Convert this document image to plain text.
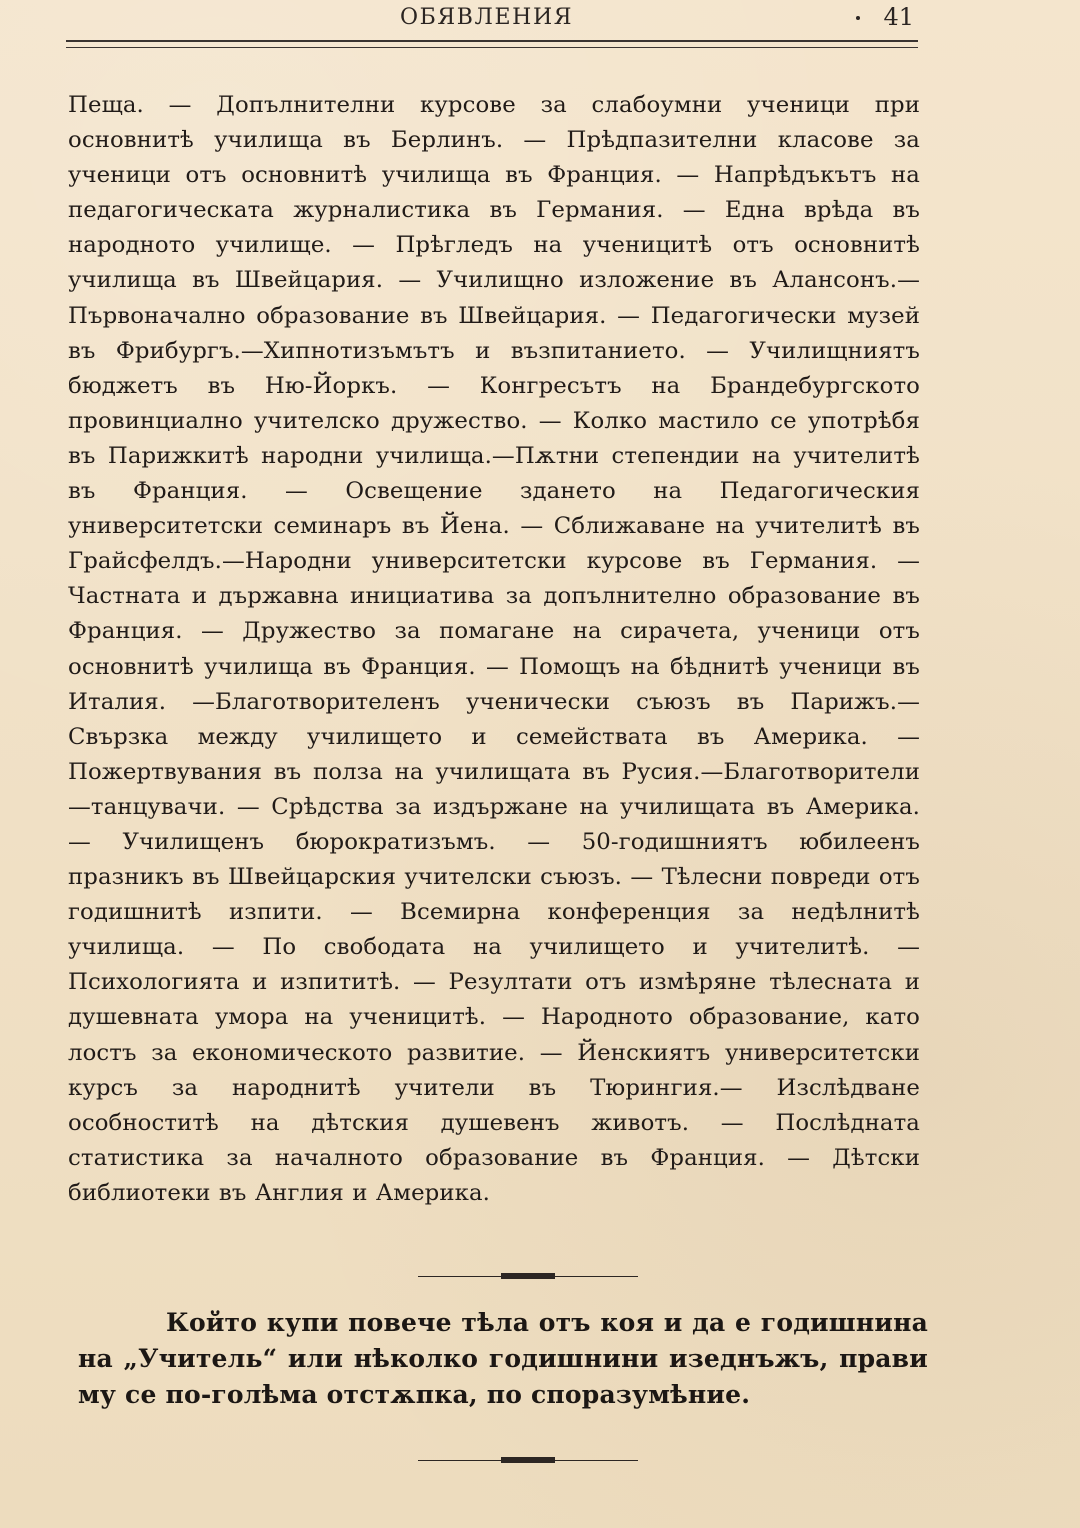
ОБЯВЛЕНИЯ	41
Пеща. — Допълнителни курсове за слабоумни ученици при основнитѣ училища въ Берлинъ. — Прѣдпазителни класове за ученици отъ основнитѣ училища въ Франция. — Напрѣдъкътъ на педагогическата журналистика въ Германия. — Една врѣда въ народното училище. — Прѣгледъ на ученицитѣ отъ основнитѣ училища въ Швейцария. — Училищно изложение въ Алансонъ.—Първоначално образование въ Швейцария. — Педагогически музей въ Фрибургъ.—Хипнотизъмътъ и възпитанието. — Училищниятъ бюджетъ въ Ню-Йоркъ. — Конгресътъ на Брандебургското провинциално учителско дружество. — Колко мастило се употрѣбя въ Парижкитѣ народни училища.—Пѫтни степендии на учителитѣ въ Франция. — Освещение здането на Педагогическия университетски семинаръ въ Йена. — Сближаване на учителитѣ въ Грайсфелдъ.—Народни университетски курсове въ Германия. — Частната и държавна инициатива за допълнително образование въ Франция. — Дружество за помагане на сирачета, ученици отъ основнитѣ училища въ Франция. — Помощъ на бѣднитѣ ученици въ Италия. —Благотворителенъ ученически съюзъ въ Парижъ.—Свързка между училището и семействата въ Америка. — Пожертвувания въ полза на училищата въ Русия.—Благотворители—танцувачи. — Срѣдства за издържане на училищата въ Америка. — Училищенъ бюрократизъмъ. — 50-годишниятъ юбилеенъ празникъ въ Швейцарския учителски съюзъ. — Тѣлесни повреди отъ годишнитѣ изпити. — Всемирна конференция за недѣлнитѣ училища. — По свободата на училището и учителитѣ. — Психологията и изпититѣ. — Резултати отъ измѣряне тѣлесната и душевната умора на ученицитѣ. — Народното образование, като лостъ за економическото развитие. — Йенскиятъ университетски курсъ за народнитѣ учители въ Тюрингия.— Изслѣдване особноститѣ на дѣтския душевенъ животъ. — Послѣдната статистика за началното образование въ Франция. — Дѣтски библиотеки въ Англия и Америка.
Който купи повече тѣла отъ коя и да е годишнина на „Учитель“ или нѣколко годишнини изеднъжъ, прави му се по-голѣма отстѫпка, по споразумѣние.
